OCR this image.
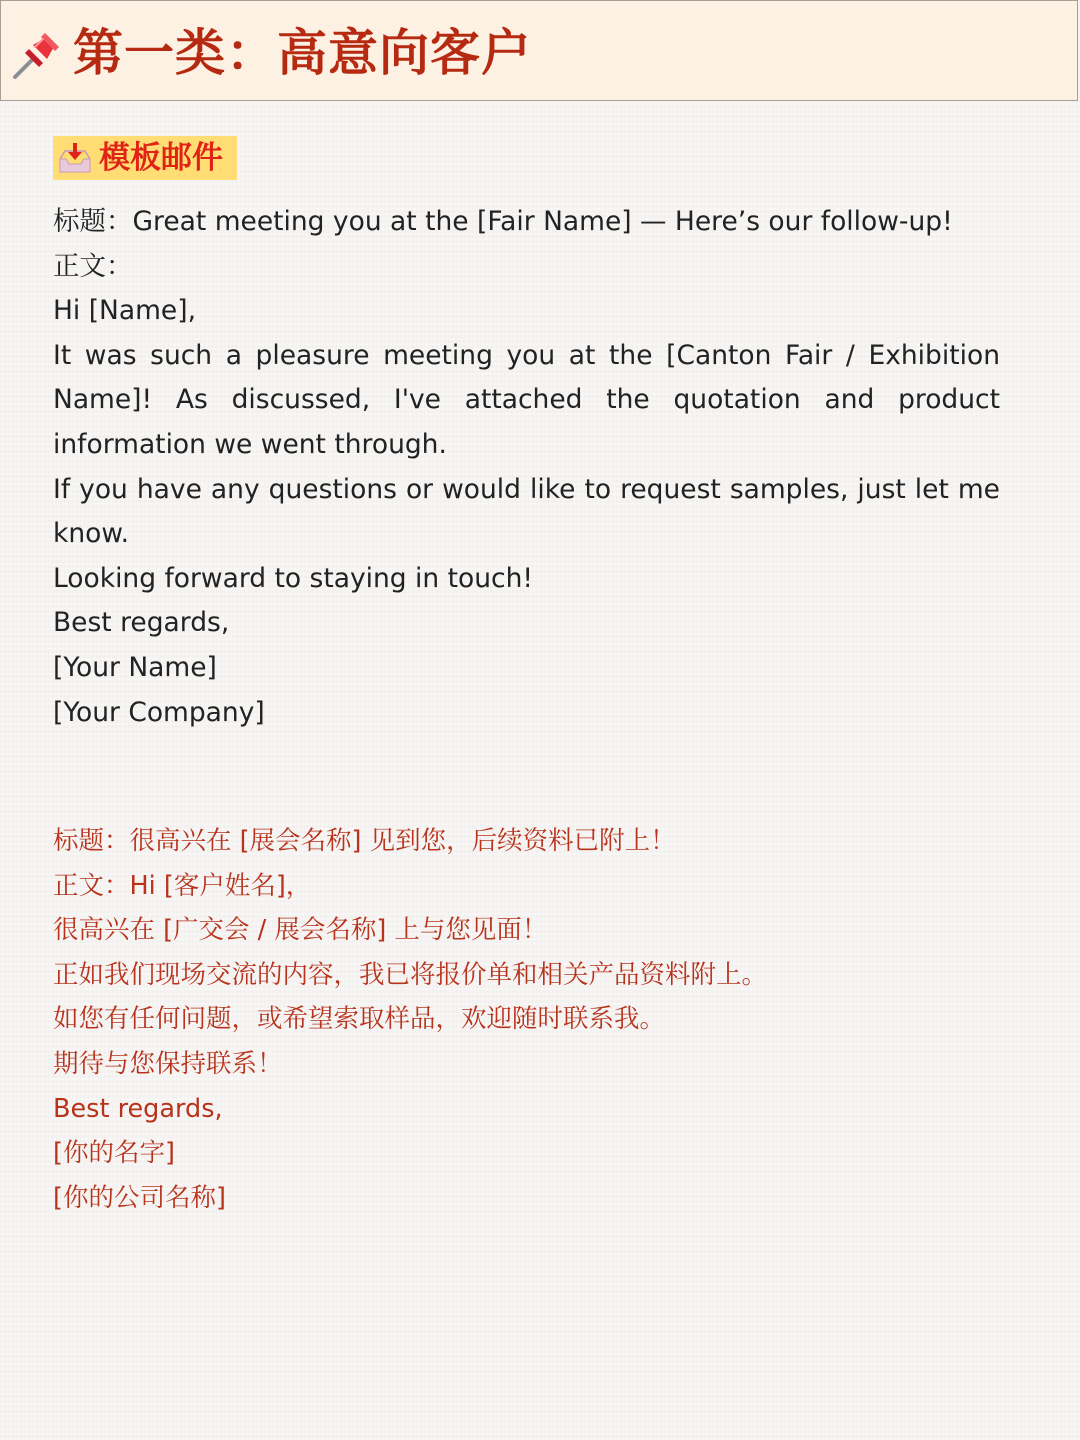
第一类：高意向客户
模板邮件

标题：Great meeting you at the [Fair Name] — Here’s our follow-up!

正文：

Hi [Name],

It was such a pleasure meeting you at the [Canton Fair / Exhibition Name]! As discussed, I've attached the quotation and product information we went through.

If you have any questions or would like to request samples, just let me know.

Looking forward to staying in touch!

Best regards,

[Your Name]

[Your Company]

标题：很高兴在 [展会名称] 见到您，后续资料已附上！

正文：Hi [客户姓名]，

很高兴在 [广交会 / 展会名称] 上与您见面！

正如我们现场交流的内容，我已将报价单和相关产品资料附上。

如您有任何问题，或希望索取样品，欢迎随时联系我。

期待与您保持联系！

Best regards,

[你的名字]

[你的公司名称]
